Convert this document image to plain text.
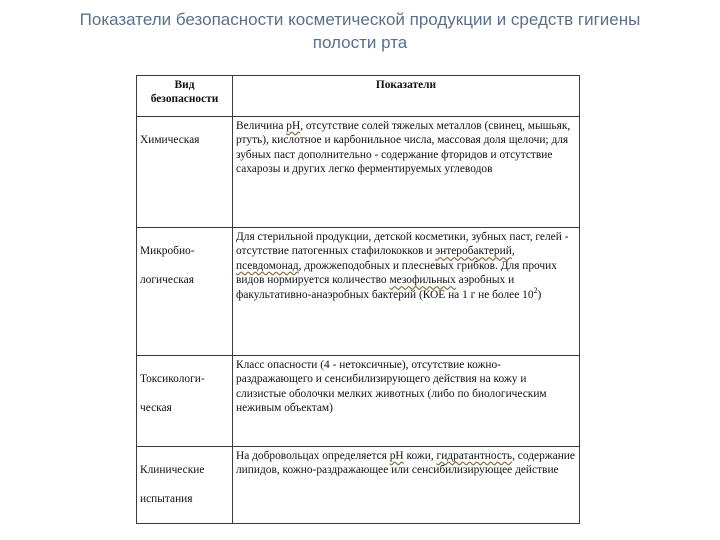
Показатели безопасности косметической продукции и средств гигиены
полости рта
Вид
безопасности	Показатели

Химическая	Величина рН, отсутствие солей тяжелых металлов (свинец, мышьяк, ртуть), кислотное и карбонильное числа, массовая доля щелочи; для зубных паст дополнительно - содержание фторидов и отсутствие сахарозы и других легко ферментируемых углеводов

Микробио-

логическая	Для стерильной продукции, детской косметики, зубных паст, гелей - отсутствие патогенных стафилококков и энтеробактерий, псевдомонад, дрожжеподобных и плесневых грибков. Для прочих видов нормируется количество мезофильных аэробных и факультативно-анаэробных бактерий (КОЕ на 1 г не более $10^2$)

Токсикологи-

ческая	Класс опасности (4 - нетоксичные), отсутствие кожно-раздражающего и сенсибилизирующего действия на кожу и слизистые оболочки мелких животных (либо по биологическим неживым объектам)

Клинические

испытания	На добровольцах определяется рН кожи, гидратантность, содержание липидов, кожно-раздражающее или сенсибилизирующее действие
